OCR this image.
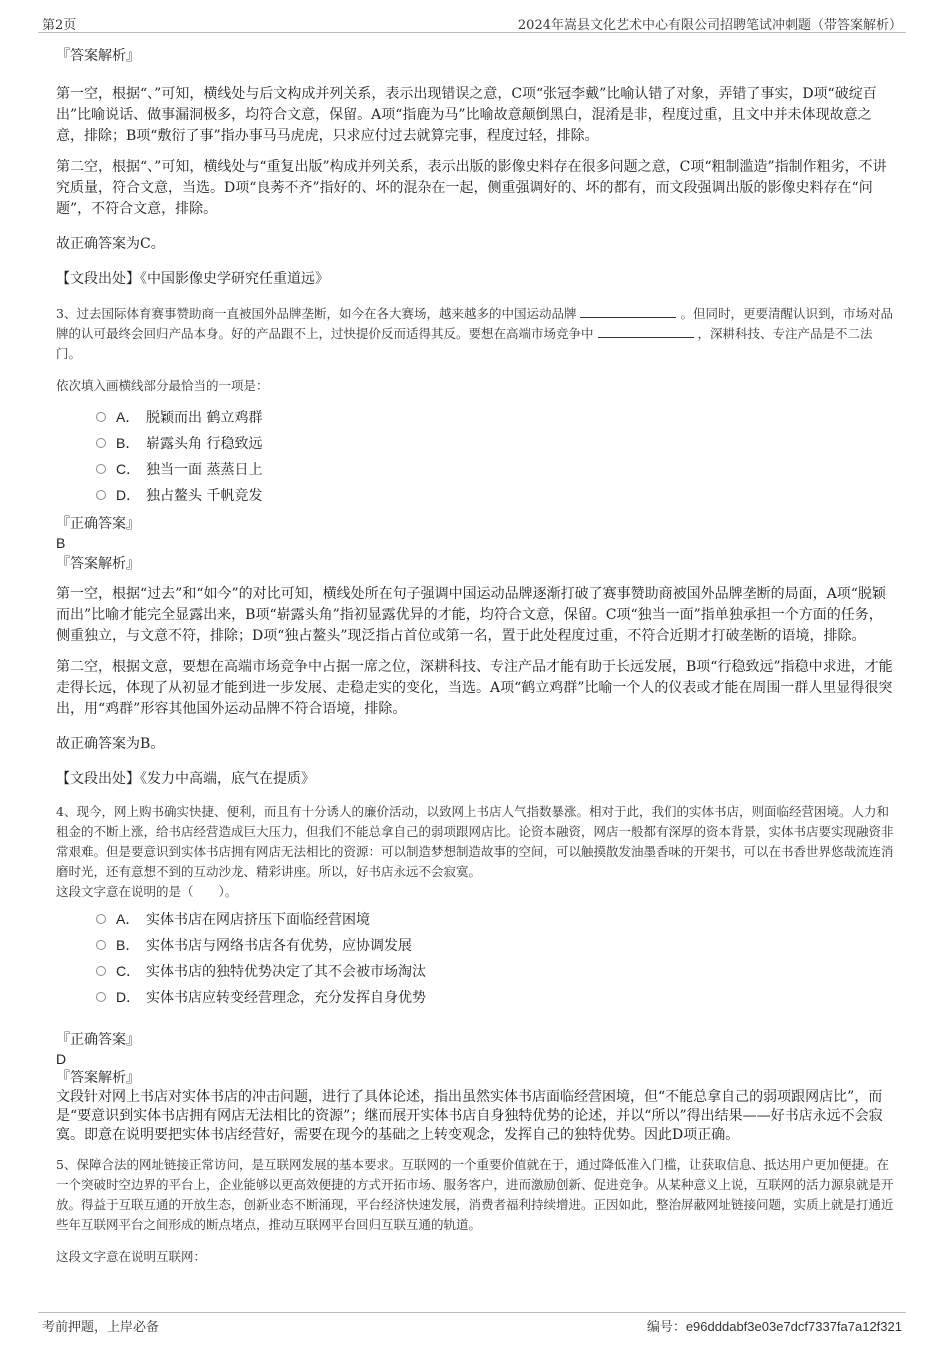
第2页	2024年嵩县文化艺术中心有限公司招聘笔试冲刺题（带答案解析）
『答案解析』

第一空，根据“、”可知，横线处与后文构成并列关系，表示出现错误之意，C项“张冠李戴”比喻认错了对象，弄错了事实，D项“破绽百出”比喻说话、做事漏洞极多，均符合文意，保留。A项“指鹿为马”比喻故意颠倒黑白，混淆是非，程度过重，且文中并未体现故意之意，排除；B项“敷衍了事”指办事马马虎虎，只求应付过去就算完事，程度过轻，排除。

第二空，根据“、”可知，横线处与“重复出版”构成并列关系，表示出版的影像史料存在很多问题之意，C项“粗制滥造”指制作粗劣，不讲究质量，符合文意，当选。D项“良莠不齐”指好的、坏的混杂在一起，侧重强调好的、坏的都有，而文段强调出版的影像史料存在“问题”，不符合文意，排除。

故正确答案为C。

【文段出处】《中国影像史学研究任重道远》

3、过去国际体育赛事赞助商一直被国外品牌垄断，如今在各大赛场，越来越多的中国运动品牌	。但同时，更要清醒认识到，市场对品牌的认可最终会回归产品本身。好的产品跟不上，过快提价反而适得其反。要想在高端市场竞争中	，深耕科技、专注产品是不二法门。

依次填入画横线部分最恰当的一项是：

A． 脱颖而出 鹤立鸡群
B． 崭露头角 行稳致远
C． 独当一面 蒸蒸日上
D． 独占鳌头 千帆竞发
『正确答案』
B
『答案解析』

第一空，根据“过去”和“如今”的对比可知，横线处所在句子强调中国运动品牌逐渐打破了赛事赞助商被国外品牌垄断的局面，A项“脱颖而出”比喻才能完全显露出来，B项“崭露头角”指初显露优异的才能，均符合文意，保留。C项“独当一面”指单独承担一个方面的任务，侧重独立，与文意不符，排除；D项“独占鳌头”现泛指占首位或第一名，置于此处程度过重，不符合近期才打破垄断的语境，排除。

第二空，根据文意，要想在高端市场竞争中占据一席之位，深耕科技、专注产品才能有助于长远发展，B项“行稳致远”指稳中求进，才能走得长远，体现了从初显才能到进一步发展、走稳走实的变化，当选。A项“鹤立鸡群”比喻一个人的仪表或才能在周围一群人里显得很突出，用“鸡群”形容其他国外运动品牌不符合语境，排除。

故正确答案为B。

【文段出处】《发力中高端，底气在提质》

4、现今，网上购书确实快捷、便利，而且有十分诱人的廉价活动，以致网上书店人气指数暴涨。相对于此，我们的实体书店，则面临经营困境。人力和租金的不断上涨，给书店经营造成巨大压力，但我们不能总拿自己的弱项跟网店比。论资本融资，网店一般都有深厚的资本背景，实体书店要实现融资非常艰难。但是要意识到实体书店拥有网店无法相比的资源：可以制造梦想制造故事的空间，可以触摸散发油墨香味的开架书，可以在书香世界悠哉流连消磨时光，还有意想不到的互动沙龙、精彩讲座。所以，好书店永远不会寂寞。

这段文字意在说明的是（　　）。

A． 实体书店在网店挤压下面临经营困境
B． 实体书店与网络书店各有优势，应协调发展
C． 实体书店的独特优势决定了其不会被市场淘汰
D． 实体书店应转变经营理念，充分发挥自身优势
『正确答案』
D
『答案解析』

文段针对网上书店对实体书店的冲击问题，进行了具体论述，指出虽然实体书店面临经营困境，但“不能总拿自己的弱项跟网店比”，而是“要意识到实体书店拥有网店无法相比的资源”；继而展开实体书店自身独特优势的论述，并以“所以”得出结果——好书店永远不会寂寞。即意在说明要把实体书店经营好，需要在现今的基础之上转变观念，发挥自己的独特优势。因此D项正确。

5、保障合法的网址链接正常访问，是互联网发展的基本要求。互联网的一个重要价值就在于，通过降低准入门槛，让获取信息、抵达用户更加便捷。在一个突破时空边界的平台上，企业能够以更高效便捷的方式开拓市场、服务客户，进而激励创新、促进竞争。从某种意义上说，互联网的活力源泉就是开放。得益于互联互通的开放生态，创新业态不断涌现，平台经济快速发展，消费者福利持续增进。正因如此，整治屏蔽网址链接问题，实质上就是打通近些年互联网平台之间形成的断点堵点，推动互联网平台回归互联互通的轨道。

这段文字意在说明互联网：

考前押题，上岸必备	编号：e96dddabf3e03e7dcf7337fa7a12f321
